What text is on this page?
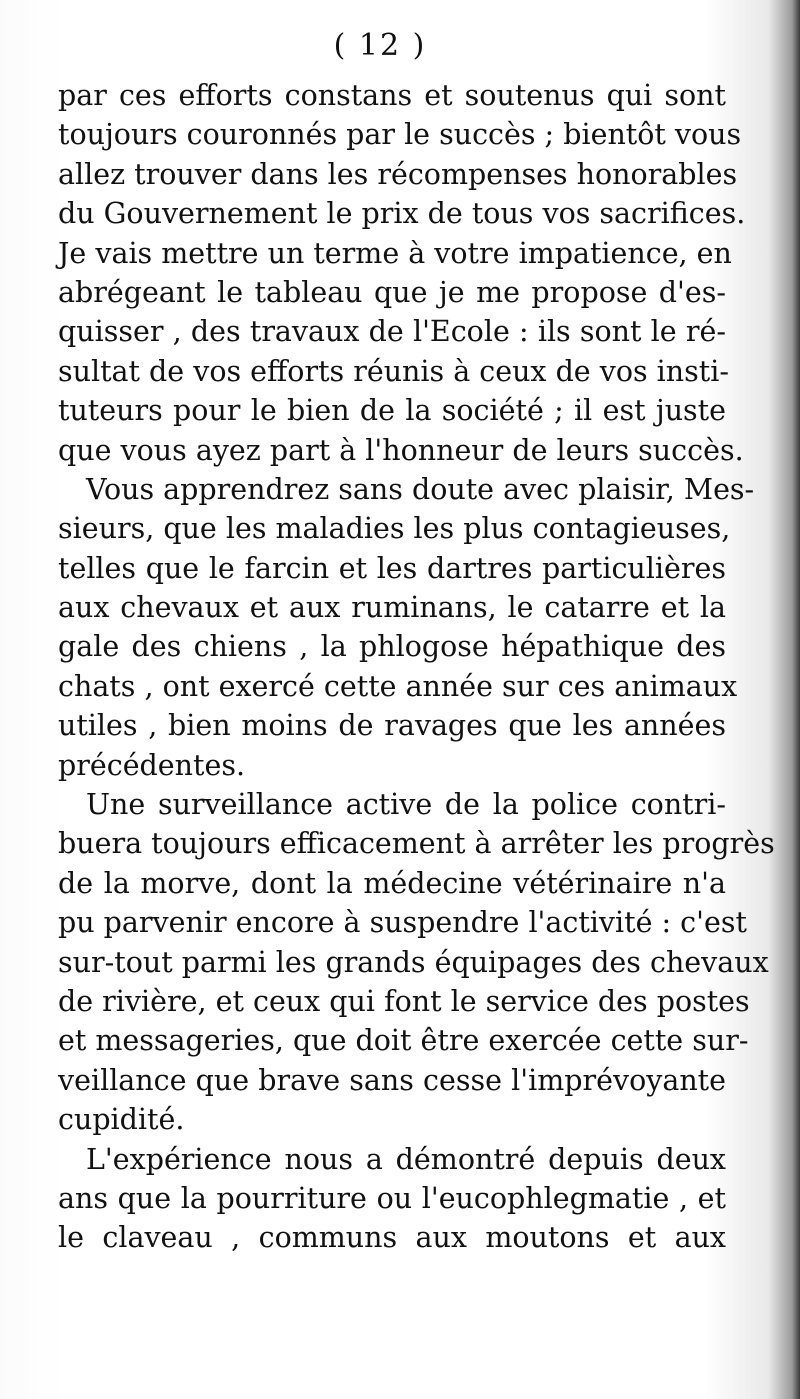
( 12 )
par ces efforts constans et soutenus qui sont
toujours couronnés par le succès ; bientôt vous
allez trouver dans les récompenses honorables
du Gouvernement le prix de tous vos sacrifices.
Je vais mettre un terme à votre impatience, en
abrégeant le tableau que je me propose d'es-
quisser , des travaux de l'Ecole : ils sont le ré-
sultat de vos efforts réunis à ceux de vos insti-
tuteurs pour le bien de la société ; il est juste
que vous ayez part à l'honneur de leurs succès.
Vous apprendrez sans doute avec plaisir, Mes-
sieurs, que les maladies les plus contagieuses,
telles que le farcin et les dartres particulières
aux chevaux et aux ruminans, le catarre et la
gale des chiens , la phlogose hépathique des
chats , ont exercé cette année sur ces animaux
utiles , bien moins de ravages que les années
précédentes.
Une surveillance active de la police contri-
buera toujours efficacement à arrêter les progrès
de la morve, dont la médecine vétérinaire n'a
pu parvenir encore à suspendre l'activité : c'est
sur-tout parmi les grands équipages des chevaux
de rivière, et ceux qui font le service des postes
et messageries, que doit être exercée cette sur-
veillance que brave sans cesse l'imprévoyante
cupidité.
L'expérience nous a démontré depuis deux
ans que la pourriture ou l'eucophlegmatie , et
le claveau , communs aux moutons et aux
